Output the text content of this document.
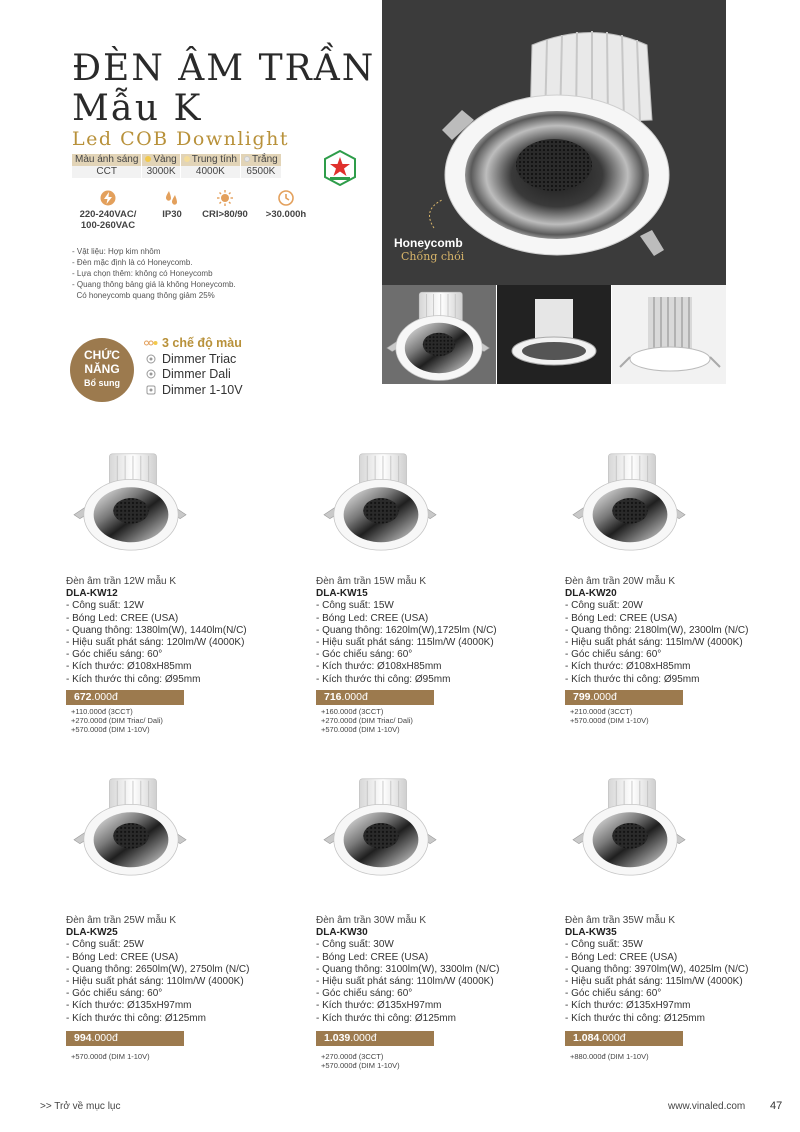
ĐÈN ÂM TRẦN
Mẫu K
Led COB Downlight
Màu ánh sáng	Vàng	Trung tính	Trắng
CCT	3000K	4000K	6500K
220-240VAC/
100-260VAC
IP30	CRI>80/90	>30.000h
- Vật liệu: Hợp kim nhôm
- Đèn mặc định là có Honeycomb.
- Lựa chọn thêm: không có Honeycomb
- Quang thông bảng giá là không Honeycomb.
Có honeycomb quang thông giảm 25%
CHỨC
NĂNG
Bổ sung
3 chế độ màu
Dimmer Triac
Dimmer Dali
Dimmer 1-10V
Honeycomb
Chống chói
Đèn âm trần 12W mẫu K
DLA-KW12
- Công suất: 12W
- Bóng Led: CREE (USA)
- Quang thông: 1380lm(W), 1440lm(N/C)
- Hiệu suất phát sáng: 120lm/W (4000K)
- Góc chiếu sáng: 60°
- Kích thước: Ø108xH85mm
- Kích thước thi công: Ø95mm
672.000đ
+110.000đ (3CCT)
+270.000đ (DIM Triac/ Dali)
+570.000đ (DIM 1-10V)
Đèn âm trần 15W mẫu K
DLA-KW15
- Công suất: 15W
- Bóng Led: CREE (USA)
- Quang thông: 1620lm(W),1725lm (N/C)
- Hiệu suất phát sáng: 115lm/W (4000K)
- Góc chiếu sáng: 60°
- Kích thước: Ø108xH85mm
- Kích thước thi công: Ø95mm
716.000đ
+160.000đ (3CCT)
+270.000đ (DIM Triac/ Dali)
+570.000đ (DIM 1-10V)
Đèn âm trần 20W mẫu K
DLA-KW20
- Công suất: 20W
- Bóng Led: CREE (USA)
- Quang thông: 2180lm(W), 2300lm (N/C)
- Hiệu suất phát sáng: 115lm/W (4000K)
- Góc chiếu sáng: 60°
- Kích thước: Ø108xH85mm
- Kích thước thi công: Ø95mm
799.000đ
+210.000đ (3CCT)
+570.000đ (DIM 1-10V)
Đèn âm trần 25W mẫu K
DLA-KW25
- Công suất: 25W
- Bóng Led: CREE (USA)
- Quang thông: 2650lm(W), 2750lm (N/C)
- Hiệu suất phát sáng: 110lm/W (4000K)
- Góc chiếu sáng: 60°
- Kích thước: Ø135xH97mm
- Kích thước thi công: Ø125mm
994.000đ
+570.000đ (DIM 1-10V)
Đèn âm trần 30W mẫu K
DLA-KW30
- Công suất: 30W
- Bóng Led: CREE (USA)
- Quang thông: 3100lm(W), 3300lm (N/C)
- Hiệu suất phát sáng: 110lm/W (4000K)
- Góc chiếu sáng: 60°
- Kích thước: Ø135xH97mm
- Kích thước thi công: Ø125mm
1.039.000đ
+270.000đ (3CCT)
+570.000đ (DIM 1-10V)
Đèn âm trần 35W mẫu K
DLA-KW35
- Công suất: 35W
- Bóng Led: CREE (USA)
- Quang thông: 3970lm(W), 4025lm (N/C)
- Hiệu suất phát sáng: 115lm/W (4000K)
- Góc chiếu sáng: 60°
- Kích thước: Ø135xH97mm
- Kích thước thi công: Ø125mm
1.084.000đ
+880.000đ (DIM 1-10V)
>> Trở về mục lục	www.vinaled.com 47
